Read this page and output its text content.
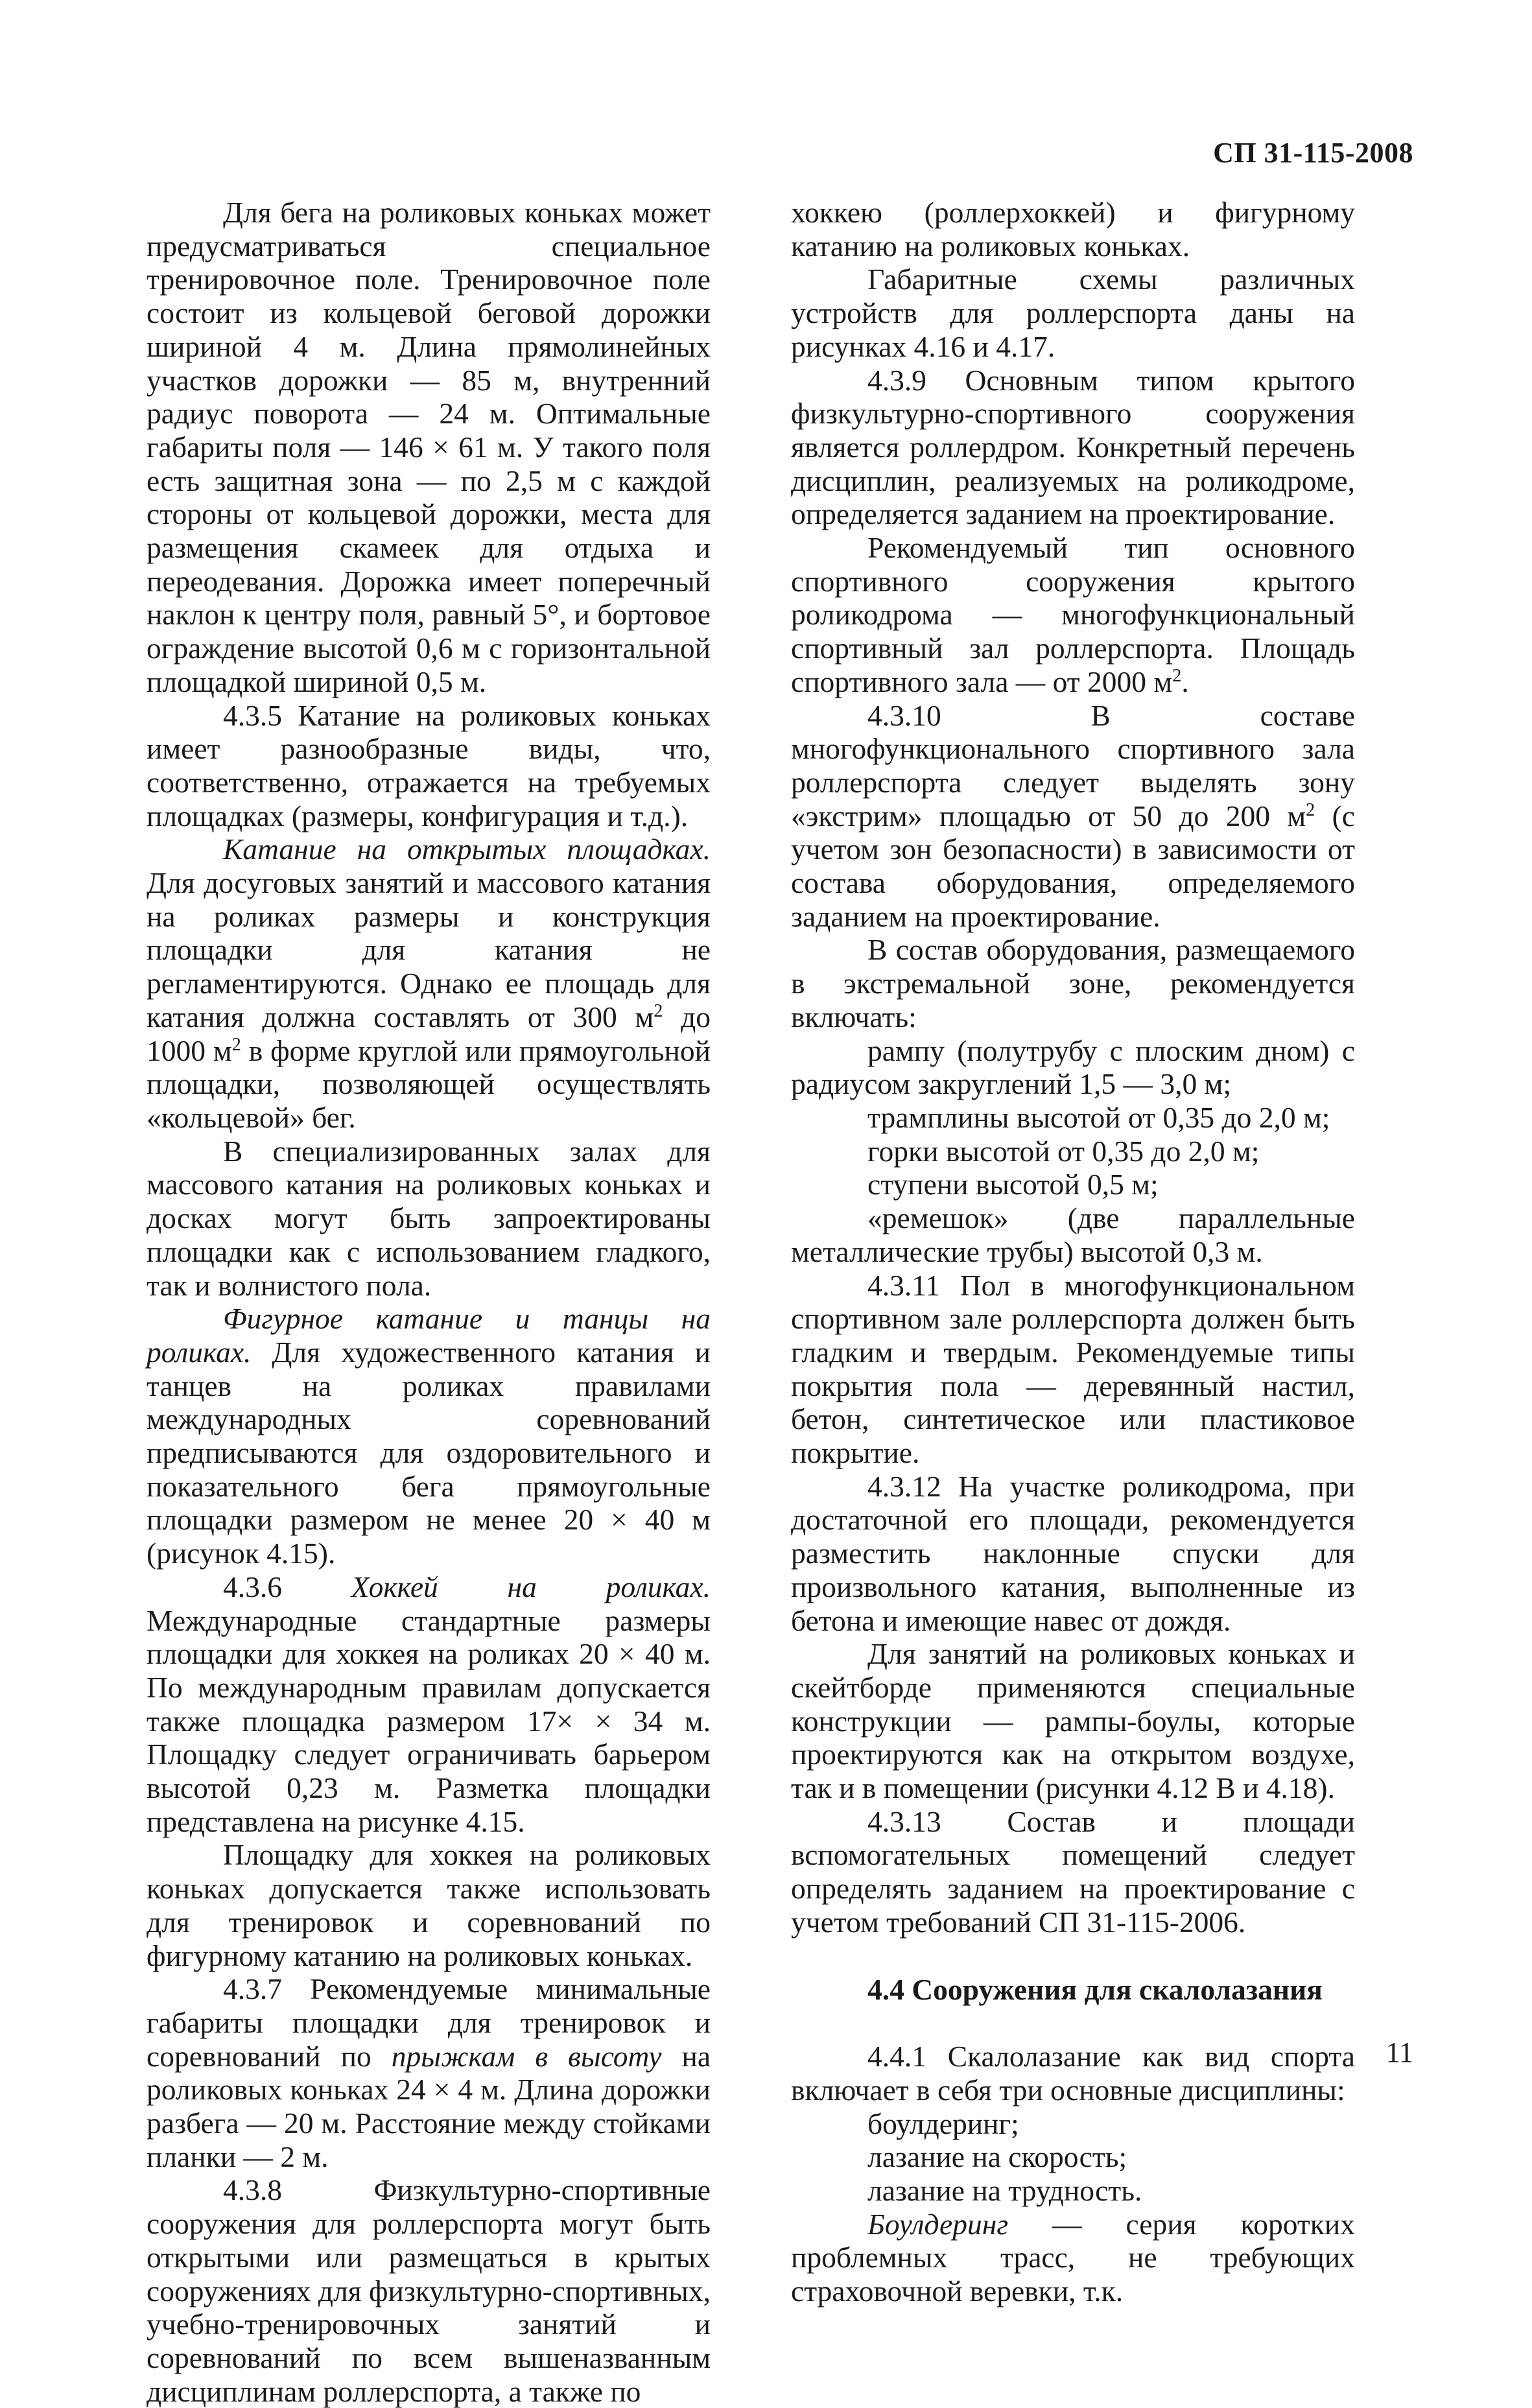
СП 31-115-2008

Для бега на роликовых коньках может предусматриваться специальное тренировочное поле. Тренировочное поле состоит из кольцевой беговой дорожки шириной 4 м. Длина прямолинейных участков дорожки — 85 м, внутренний радиус поворота — 24 м. Оптимальные габариты поля — 146 × 61 м. У такого поля есть защитная зона — по 2,5 м с каждой стороны от кольцевой дорожки, места для размещения скамеек для отдыха и переодевания. Дорожка имеет поперечный наклон к центру поля, равный 5°, и бортовое ограждение высотой 0,6 м с горизонтальной площадкой шириной 0,5 м.

4.3.5 Катание на роликовых коньках имеет разнообразные виды, что, соответственно, отражается на требуемых площадках (размеры, конфигурация и т.д.).

Катание на открытых площадках. Для досуговых занятий и массового катания на роликах размеры и конструкция площадки для катания не регламентируются. Однако ее площадь для катания должна составлять от 300 $м^2$ до 1000 $м^2$ в форме круглой или прямоугольной площадки, позволяющей осуществлять «кольцевой» бег.

В специализированных залах для массового катания на роликовых коньках и досках могут быть запроектированы площадки как с использованием гладкого, так и волнистого пола.

Фигурное катание и танцы на роликах. Для художественного катания и танцев на роликах правилами международных соревнований предписываются для оздоровительного и показательного бега прямоугольные площадки размером не менее 20 × 40 м (рисунок 4.15).

4.3.6 Хоккей на роликах. Международные стандартные размеры площадки для хоккея на роликах 20 × 40 м. По международным правилам допускается также площадка размером 17× × 34 м. Площадку следует ограничивать барьером высотой 0,23 м. Разметка площадки представлена на рисунке 4.15.

Площадку для хоккея на роликовых коньках допускается также использовать для тренировок и соревнований по фигурному катанию на роликовых коньках.

4.3.7 Рекомендуемые минимальные габариты площадки для тренировок и соревнований по прыжкам в высоту на роликовых коньках 24 × 4 м. Длина дорожки разбега — 20 м. Расстояние между стойками планки — 2 м.

4.3.8 Физкультурно-спортивные сооружения для роллерспорта могут быть открытыми или размещаться в крытых сооружениях для физкультурно-спортивных, учебно-тренировочных занятий и соревнований по всем вышеназванным дисциплинам роллерспорта, а также по

хоккею (роллерхоккей) и фигурному катанию на роликовых коньках.

Габаритные схемы различных устройств для роллерспорта даны на рисунках 4.16 и 4.17.

4.3.9 Основным типом крытого физкультурно-спортивного сооружения является роллердром. Конкретный перечень дисциплин, реализуемых на роликодроме, определяется заданием на проектирование.

Рекомендуемый тип основного спортивного сооружения крытого роликодрома — многофункциональный спортивный зал роллерспорта. Площадь спортивного зала — от 2000 $м^2$.

4.3.10 В составе многофункционального спортивного зала роллерспорта следует выделять зону «экстрим» площадью от 50 до 200 $м^2$ (с учетом зон безопасности) в зависимости от состава оборудования, определяемого заданием на проектирование.

В состав оборудования, размещаемого в экстремальной зоне, рекомендуется включать:

рампу (полутрубу с плоским дном) с радиусом закруглений 1,5 — 3,0 м;

трамплины высотой от 0,35 до 2,0 м;

горки высотой от 0,35 до 2,0 м;

ступени высотой 0,5 м;

«ремешок» (две параллельные металлические трубы) высотой 0,3 м.

4.3.11 Пол в многофункциональном спортивном зале роллерспорта должен быть гладким и твердым. Рекомендуемые типы покрытия пола — деревянный настил, бетон, синтетическое или пластиковое покрытие.

4.3.12 На участке роликодрома, при достаточной его площади, рекомендуется разместить наклонные спуски для произвольного катания, выполненные из бетона и имеющие навес от дождя.

Для занятий на роликовых коньках и скейтборде применяются специальные конструкции — рампы-боулы, которые проектируются как на открытом воздухе, так и в помещении (рисунки 4.12 В и 4.18).

4.3.13 Состав и площади вспомогательных помещений следует определять заданием на проектирование с учетом требований СП 31-115-2006.

4.4 Сооружения для скалолазания

4.4.1 Скалолазание как вид спорта включает в себя три основные дисциплины:

боулдеринг;

лазание на скорость;

лазание на трудность.

Боулдеринг — серия коротких проблемных трасс, не требующих страховочной веревки, т.к.

11
